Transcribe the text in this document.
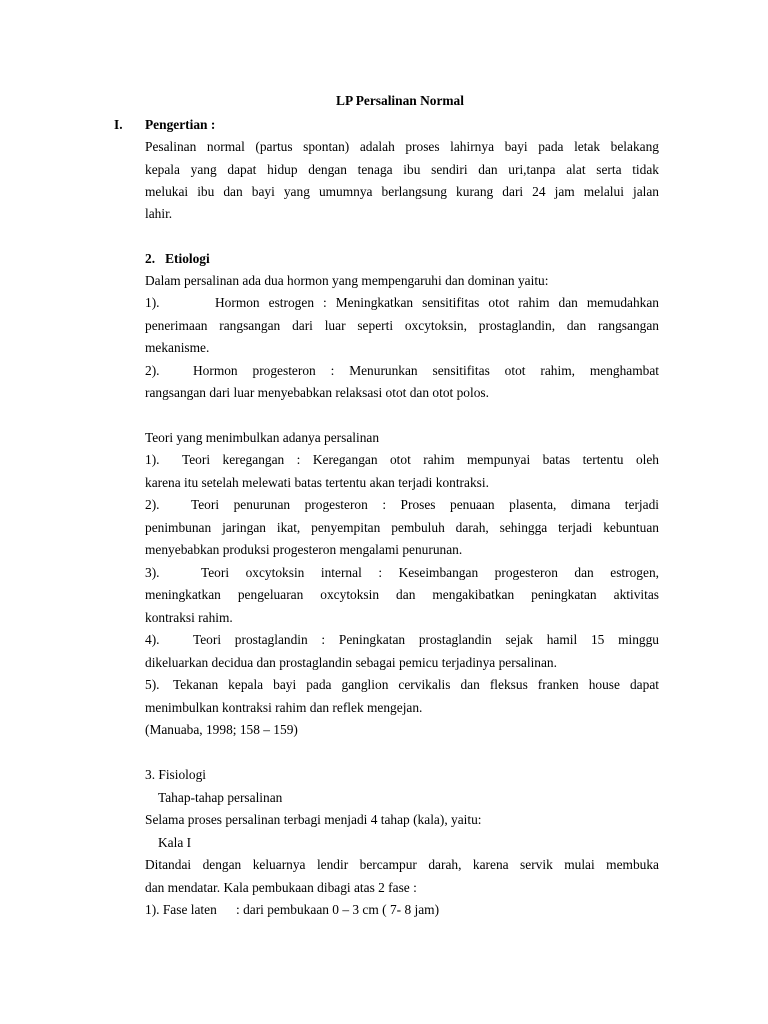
LP Persalinan Normal
I. Pengertian :
Pesalinan normal (partus spontan) adalah proses lahirnya bayi pada letak belakang
kepala yang dapat hidup dengan tenaga ibu sendiri dan uri,tanpa alat serta tidak
melukai ibu dan bayi yang umumnya berlangsung kurang dari 24 jam melalui jalan
lahir.
2.   Etiologi
Dalam persalinan ada dua hormon yang mempengaruhi dan dominan yaitu:
1).	Hormon estrogen : Meningkatkan sensitifitas otot rahim dan memudahkan
penerimaan rangsangan dari luar seperti oxcytoksin, prostaglandin, dan rangsangan
mekanisme.
2).	Hormon progesteron : Menurunkan sensitifitas otot rahim, menghambat
rangsangan dari luar menyebabkan relaksasi otot dan otot polos.
Teori yang menimbulkan adanya persalinan
1).	Teori keregangan : Keregangan otot rahim mempunyai batas tertentu oleh
karena itu setelah melewati batas tertentu akan terjadi kontraksi.
2).	Teori penurunan progesteron : Proses penuaan plasenta, dimana terjadi
penimbunan jaringan ikat, penyempitan pembuluh darah, sehingga terjadi kebuntuan
menyebabkan produksi progesteron mengalami penurunan.
3).	Teori oxcytoksin internal : Keseimbangan progesteron dan estrogen,
meningkatkan pengeluaran oxcytoksin dan mengakibatkan peningkatan aktivitas
kontraksi rahim.
4).	Teori prostaglandin : Peningkatan prostaglandin sejak hamil 15 minggu
dikeluarkan decidua dan prostaglandin sebagai pemicu terjadinya persalinan.
5).	Tekanan kepala bayi pada ganglion cervikalis dan fleksus franken house dapat
menimbulkan kontraksi rahim dan reflek mengejan.
(Manuaba, 1998; 158 – 159)
3. Fisiologi
Tahap-tahap persalinan
Selama proses persalinan terbagi menjadi 4 tahap (kala), yaitu:
Kala I
Ditandai dengan keluarnya lendir bercampur darah, karena servik mulai membuka
dan mendatar. Kala pembukaan dibagi atas 2 fase :
1). Fase laten : dari pembukaan 0 – 3 cm ( 7- 8 jam)
